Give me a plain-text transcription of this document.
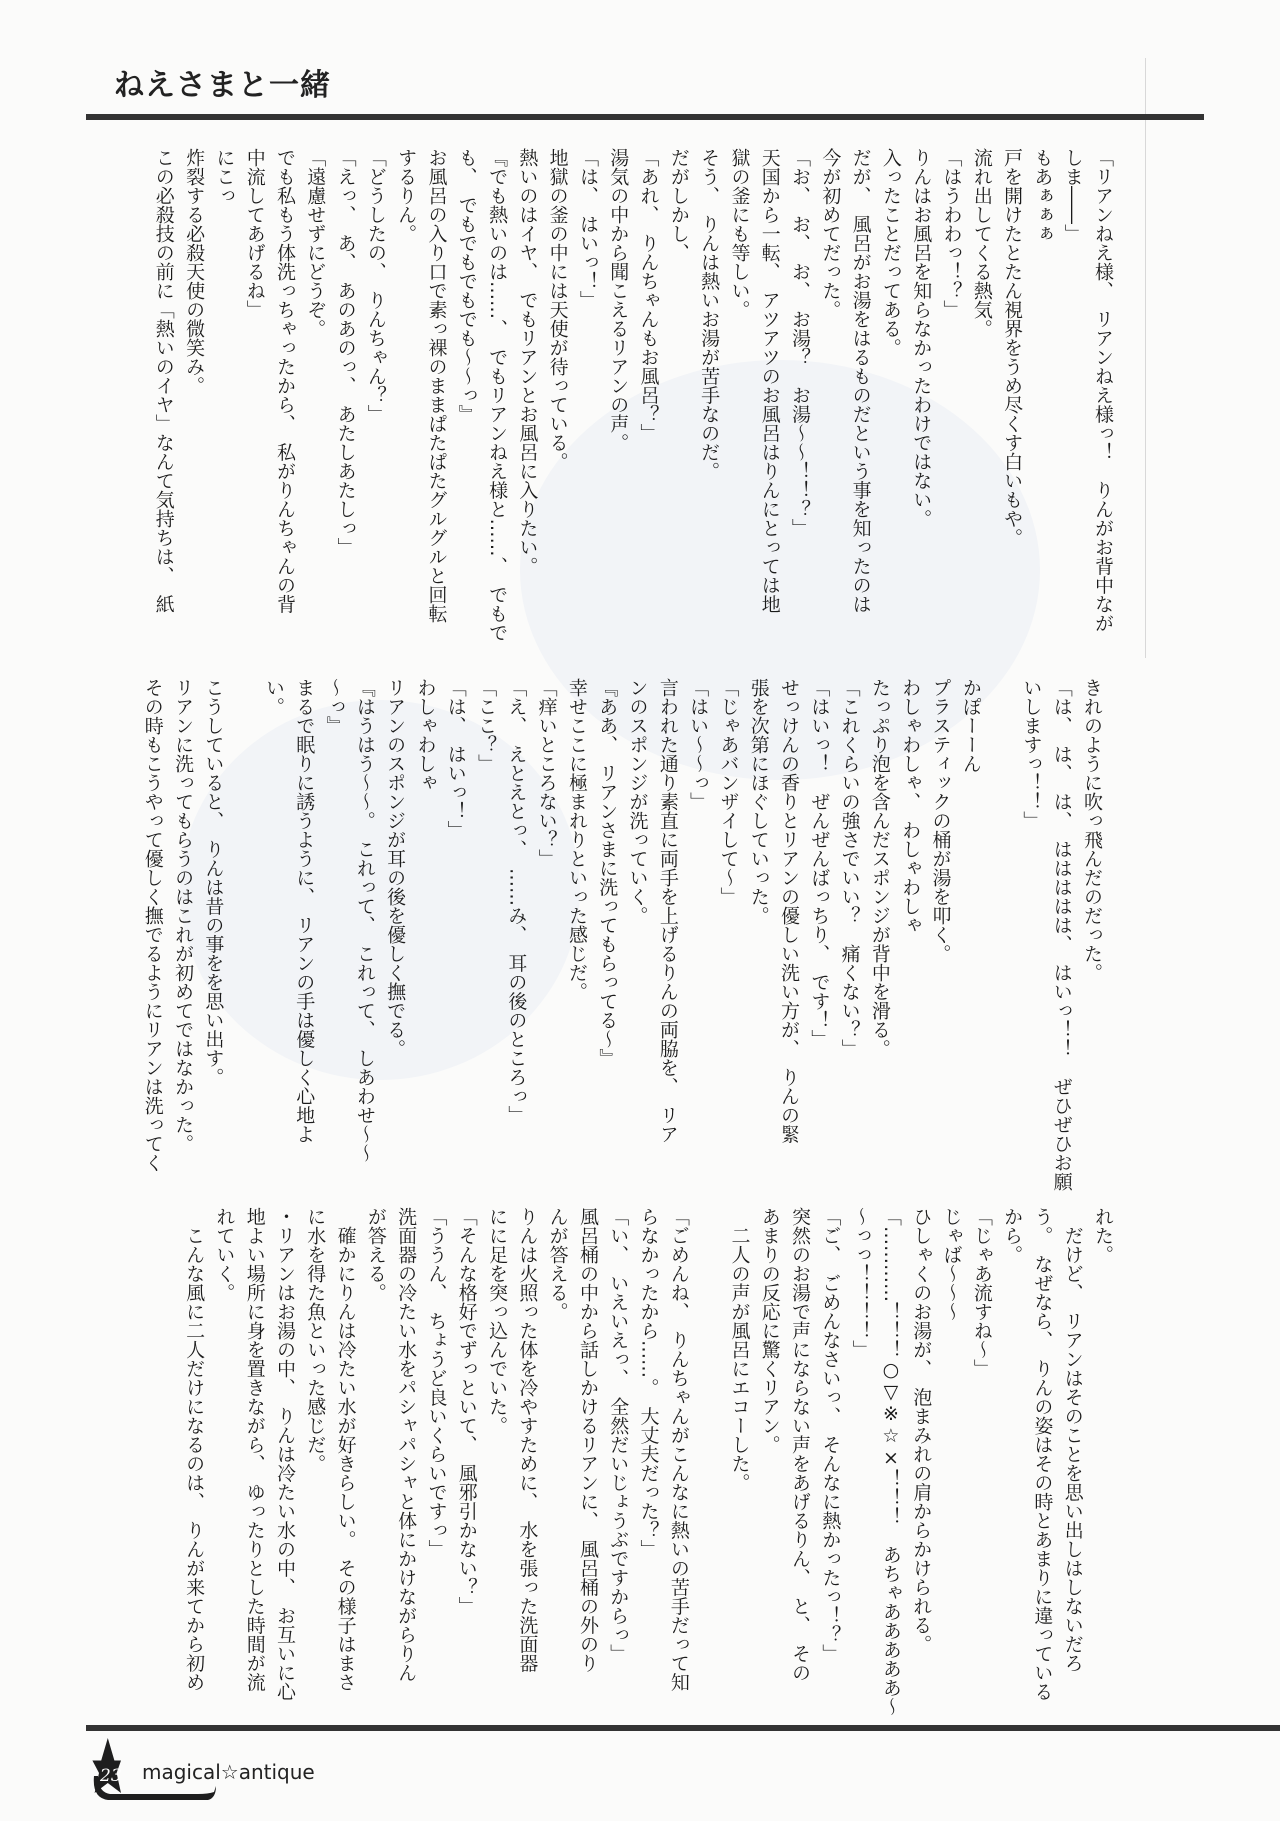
ねえさまと一緒

「リアンねえ様、　リアンねえ様っ！　りんがお背中なが

しま――」

もあぁぁぁ

戸を開けたとたん視界をうめ尽くす白いもや。

流れ出してくる熱気。

「はうわわっ！？」

りんはお風呂を知らなかったわけではない。

入ったことだってある。

だが、　風呂がお湯をはるものだという事を知ったのは

今が初めてだった。

「お、　お、　お、　お湯？　お湯～～！！？」

天国から一転、　アツアツのお風呂はりんにとっては地

獄の釜にも等しい。

そう、　りんは熱いお湯が苦手なのだ。

だがしかし、

「あれ、　りんちゃんもお風呂？」

湯気の中から聞こえるリアンの声。

「は、　はいっ！」

地獄の釜の中には天使が待っている。

熱いのはイヤ、　でもリアンとお風呂に入りたい。

『でも熱いのは……、　でもリアンねえ様と……、　でもで

も、　でもでもでもでも～～っ』

お風呂の入り口で素っ裸のままぱたぱたグルグルと回転

するりん。

「どうしたの、　りんちゃん？」

「えっ、　あ、　あのあのっ、　あたしあたしっ」

「遠慮せずにどうぞ。

でも私もう体洗っちゃったから、　私がりんちゃんの背

中流してあげるね」

にこっ

炸裂する必殺天使の微笑み。

この必殺技の前に「熱いのイヤ」なんて気持ちは、　紙

きれのように吹っ飛んだのだった。

「は、　は、　は、　ははははは、　はいっ！！　ぜひぜひお願

いしますっ！！」

かぽーーん

プラスティックの桶が湯を叩く。

わしゃわしゃ、　わしゃわしゃ

たっぷり泡を含んだスポンジが背中を滑る。

「これくらいの強さでいい？　痛くない？」

「はいっ！　ぜんぜんばっちり、　です！」

せっけんの香りとリアンの優しい洗い方が、　りんの緊

張を次第にほぐしていった。

「じゃあバンザイして～」

「はい～～っ」

言われた通り素直に両手を上げるりんの両脇を、　リア

ンのスポンジが洗っていく。

『ああ、　リアンさまに洗ってもらってる～』

幸せここに極まれりといった感じだ。

「痒いところない？」

「え、　えとえとっ、　……み、　耳の後のところっ」

「ここ？」

「は、　はいっ！」

わしゃわしゃ

リアンのスポンジが耳の後を優しく撫でる。

『はうはう～～。　これって、　これって、　しあわせ～～

～っ』

まるで眠りに誘うように、　リアンの手は優しく心地よ

い。

こうしていると、　りんは昔の事をを思い出す。

リアンに洗ってもらうのはこれが初めてではなかった。

その時もこうやって優しく撫でるようにリアンは洗ってく

れた。

　だけど、　リアンはそのことを思い出しはしないだろ

う。　なぜなら、　りんの姿はその時とあまりに違っている

から。

「じゃあ流すね～」

じゃば～～～

ひしゃくのお湯が、　泡まみれの肩からかけられる。

「…………！！！○▽※☆×！！！　あちゃあああああ～

～っっ！！！！」

「ご、　ごめんなさいっ、　そんなに熱かったっ！？」

突然のお湯で声にならない声をあげるりん、　と、　その

あまりの反応に驚くリアン。

　二人の声が風呂にエコーした。

「ごめんね、　りんちゃんがこんなに熱いの苦手だって知

らなかったから……。　大丈夫だった？」

「い、　いえいえっ、　全然だいじょうぶですからっ」

風呂桶の中から話しかけるリアンに、　風呂桶の外のり

んが答える。

りんは火照った体を冷やすために、　水を張った洗面器

にに足を突っ込んでいた。

「そんな格好でずっといて、　風邪引かない？」

「ううん、　ちょうど良いくらいですっ」

洗面器の冷たい水をパシャパシャと体にかけながらりん

が答える。

　確かにりんは冷たい水が好きらしい。　その様子はまさ

に水を得た魚といった感じだ。

・リアンはお湯の中、　りんは冷たい水の中、　お互いに心

地よい場所に身を置きながら、　ゆったりとした時間が流

れていく。

　こんな風に二人だけになるのは、　りんが来てから初め

23 magical☆antique
